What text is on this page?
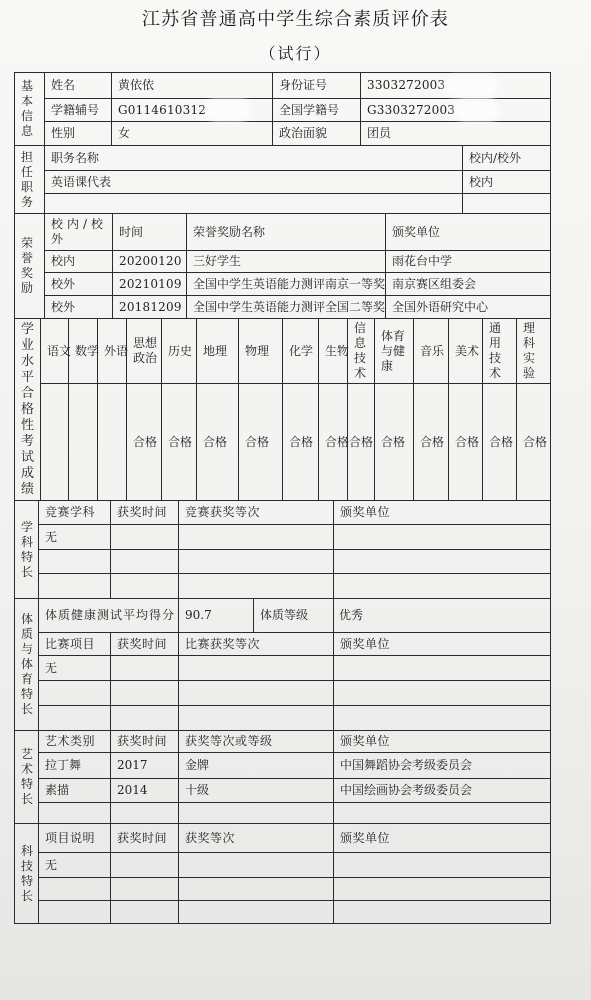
江苏省普通高中学生综合素质评价表
（试行）
基本信息	姓名	黄依依	身份证号	3303272003
	学籍辅号	G0114610312	全国学籍号	G3303272003
	性别	女	政治面貌	团员
担任职务	职务名称	校内/校外
	英语课代表	校内

荣誉奖励	校内/校外	时间	荣誉奖励名称	颁奖单位
	校内	20200120	三好学生	雨花台中学
	校外	20210109	全国中学生英语能力测评南京一等奖	南京赛区组委会
	校外	20181209	全国中学生英语能力测评全国二等奖	全国外语研究中心
学业水平合格性考试成绩	语文	数学	外语	思想政治	历史	地理	物理	化学	生物	信息技术	体育与健康	音乐	美术	通用技术	理科实验
				合格	合格	合格	合格	合格	合格	合格	合格	合格	合格	合格	合格
学科特长	竞赛学科	获奖时间	竞赛获奖等次	颁奖单位
	无			

体质与体育特长	体质健康测试平均得分		90.7	体质等级	优秀
	比赛项目	获奖时间	比赛获奖等次		颁奖单位
	无				

艺术特长	艺术类别	获奖时间	获奖等次或等级	颁奖单位
	拉丁舞	2017	金牌	中国舞蹈协会考级委员会
	素描	2014	十级	中国绘画协会考级委员会

科技特长	项目说明	获奖时间	获奖等次	颁奖单位
	无			
